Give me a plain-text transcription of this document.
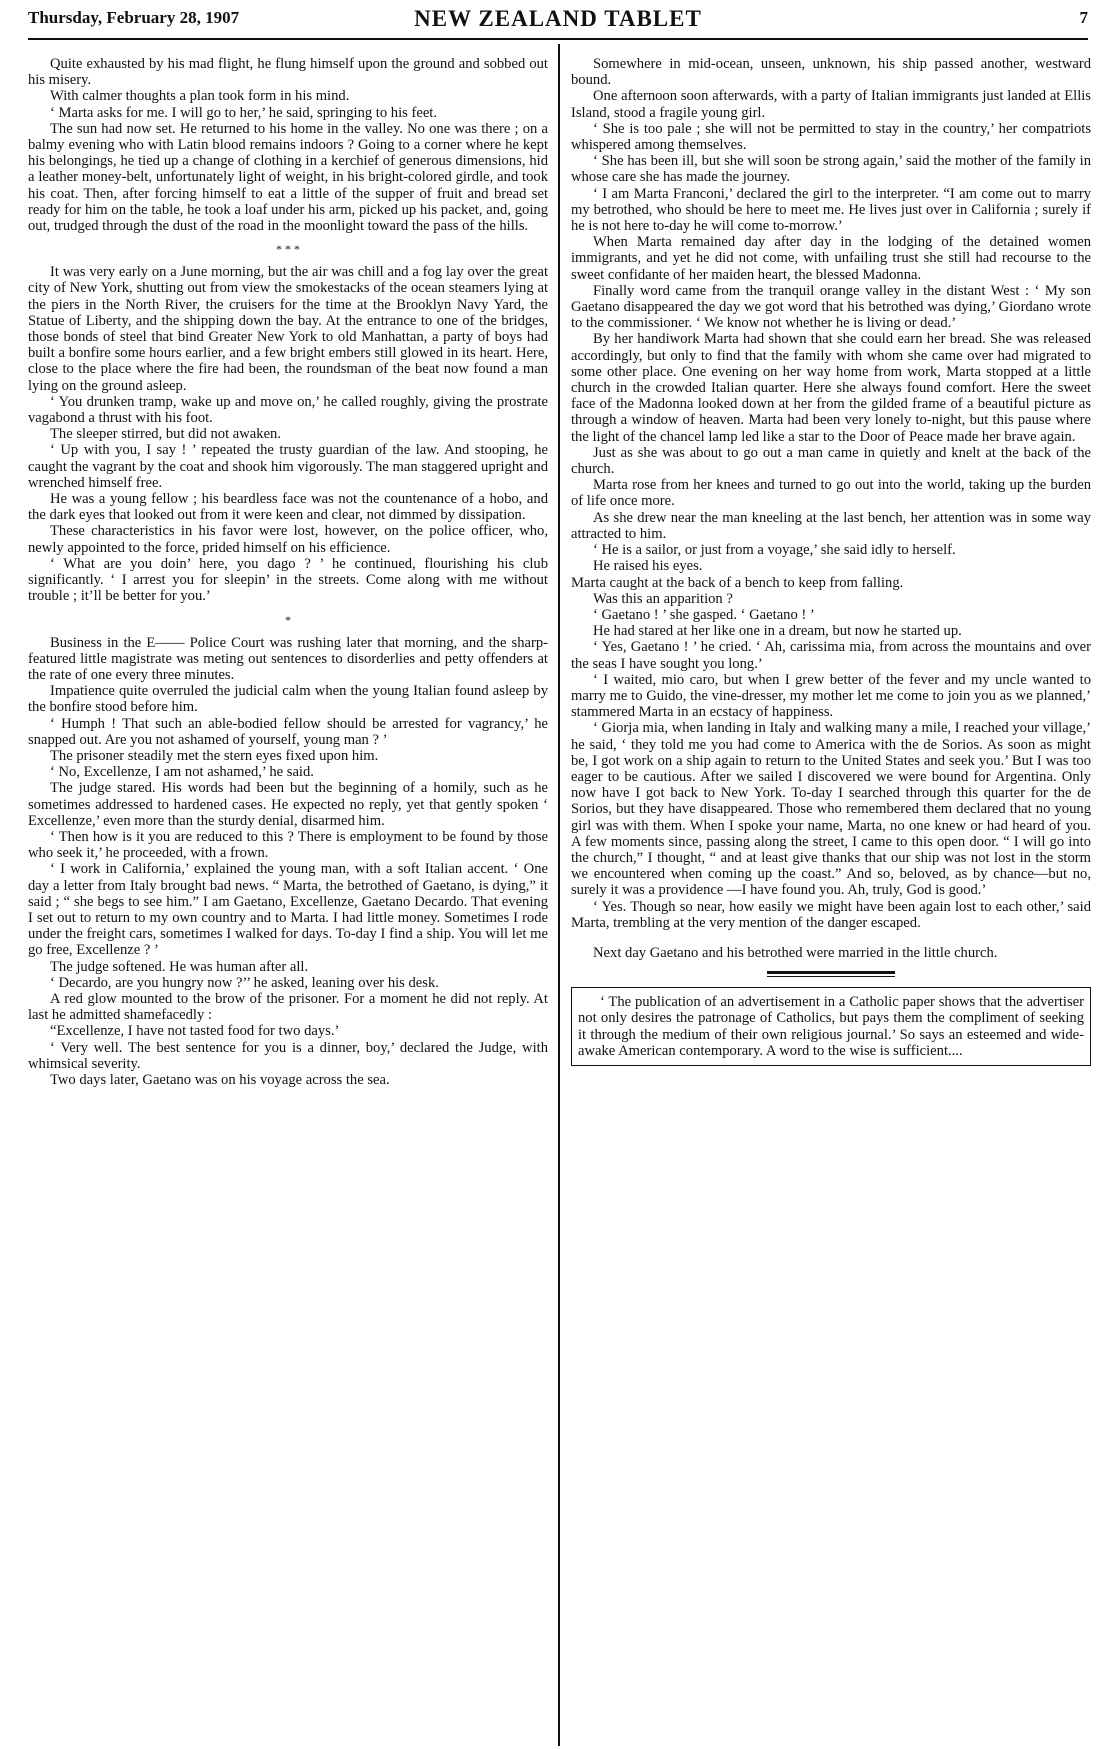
Thursday, February 28, 1907	NEW ZEALAND TABLET	7

Quite exhausted by his mad flight, he flung himself upon the ground and sobbed out his misery.

With calmer thoughts a plan took form in his mind.

‘ Marta asks for me. I will go to her,’ he said, springing to his feet.

The sun had now set. He returned to his home in the valley. No one was there ; on a balmy evening who with Latin blood remains indoors ? Going to a corner where he kept his belongings, he tied up a change of clothing in a kerchief of generous dimensions, hid a leather money-belt, unfortunately light of weight, in his bright-colored girdle, and took his coat. Then, after forcing himself to eat a little of the supper of fruit and bread set ready for him on the table, he took a loaf under his arm, picked up his packet, and, going out, trudged through the dust of the road in the moonlight toward the pass of the hills.

* * *

It was very early on a June morning, but the air was chill and a fog lay over the great city of New York, shutting out from view the smokestacks of the ocean steamers lying at the piers in the North River, the cruisers for the time at the Brooklyn Navy Yard, the Statue of Liberty, and the shipping down the bay. At the entrance to one of the bridges, those bonds of steel that bind Greater New York to old Manhattan, a party of boys had built a bonfire some hours earlier, and a few bright embers still glowed in its heart. Here, close to the place where the fire had been, the roundsman of the beat now found a man lying on the ground asleep.

‘ You drunken tramp, wake up and move on,’ he called roughly, giving the prostrate vagabond a thrust with his foot.

The sleeper stirred, but did not awaken.

‘ Up with you, I say ! ’ repeated the trusty guardian of the law. And stooping, he caught the vagrant by the coat and shook him vigorously. The man staggered upright and wrenched himself free.

He was a young fellow ; his beardless face was not the countenance of a hobo, and the dark eyes that looked out from it were keen and clear, not dimmed by dissipation.

These characteristics in his favor were lost, however, on the police officer, who, newly appointed to the force, prided himself on his efficience.

‘ What are you doin’ here, you dago ? ’ he continued, flourishing his club significantly. ‘ I arrest you for sleepin’ in the streets. Come along with me without trouble ; it’ll be better for you.’

*

Business in the E—— Police Court was rushing later that morning, and the sharp-featured little magistrate was meting out sentences to disorderlies and petty offenders at the rate of one every three minutes.

Impatience quite overruled the judicial calm when the young Italian found asleep by the bonfire stood before him.

‘ Humph ! That such an able-bodied fellow should be arrested for vagrancy,’ he snapped out. Are you not ashamed of yourself, young man ? ’

The prisoner steadily met the stern eyes fixed upon him.

‘ No, Excellenze, I am not ashamed,’ he said.

The judge stared. His words had been but the beginning of a homily, such as he sometimes addressed to hardened cases. He expected no reply, yet that gently spoken ‘ Excellenze,’ even more than the sturdy denial, disarmed him.

‘ Then how is it you are reduced to this ? There is employment to be found by those who seek it,’ he proceeded, with a frown.

‘ I work in California,’ explained the young man, with a soft Italian accent. ‘ One day a letter from Italy brought bad news. “ Marta, the betrothed of Gaetano, is dying,” it said ; “ she begs to see him.” I am Gaetano, Excellenze, Gaetano Decardo. That evening I set out to return to my own country and to Marta. I had little money. Sometimes I rode under the freight cars, sometimes I walked for days. To-day I find a ship. You will let me go free, Excellenze ? ’

The judge softened. He was human after all.

‘ Decardo, are you hungry now ?’’ he asked, leaning over his desk.

A red glow mounted to the brow of the prisoner. For a moment he did not reply. At last he admitted shamefacedly :

“Excellenze, I have not tasted food for two days.’

‘ Very well. The best sentence for you is a dinner, boy,’ declared the Judge, with whimsical severity.

Two days later, Gaetano was on his voyage across the sea.

Somewhere in mid-ocean, unseen, unknown, his ship passed another, westward bound.

One afternoon soon afterwards, with a party of Italian immigrants just landed at Ellis Island, stood a fragile young girl.

‘ She is too pale ; she will not be permitted to stay in the country,’ her compatriots whispered among themselves.

‘ She has been ill, but she will soon be strong again,’ said the mother of the family in whose care she has made the journey.

‘ I am Marta Franconi,’ declared the girl to the interpreter. “I am come out to marry my betrothed, who should be here to meet me. He lives just over in California ; surely if he is not here to-day he will come to-morrow.’

When Marta remained day after day in the lodging of the detained women immigrants, and yet he did not come, with unfailing trust she still had recourse to the sweet confidante of her maiden heart, the blessed Madonna.

Finally word came from the tranquil orange valley in the distant West : ‘ My son Gaetano disappeared the day we got word that his betrothed was dying,’ Giordano wrote to the commissioner. ‘ We know not whether he is living or dead.’

By her handiwork Marta had shown that she could earn her bread. She was released accordingly, but only to find that the family with whom she came over had migrated to some other place. One evening on her way home from work, Marta stopped at a little church in the crowded Italian quarter. Here she always found comfort. Here the sweet face of the Madonna looked down at her from the gilded frame of a beautiful picture as through a window of heaven. Marta had been very lonely to-night, but this pause where the light of the chancel lamp led like a star to the Door of Peace made her brave again.

Just as she was about to go out a man came in quietly and knelt at the back of the church.

Marta rose from her knees and turned to go out into the world, taking up the burden of life once more.

As she drew near the man kneeling at the last bench, her attention was in some way attracted to him.

‘ He is a sailor, or just from a voyage,’ she said idly to herself.

He raised his eyes.

Marta caught at the back of a bench to keep from falling.

Was this an apparition ?

‘ Gaetano ! ’ she gasped. ‘ Gaetano ! ’

He had stared at her like one in a dream, but now he started up.

‘ Yes, Gaetano ! ’ he cried. ‘ Ah, carissima mia, from across the mountains and over the seas I have sought you long.’

‘ I waited, mio caro, but when I grew better of the fever and my uncle wanted to marry me to Guido, the vine-dresser, my mother let me come to join you as we planned,’ stammered Marta in an ecstacy of happiness.

‘ Giorja mia, when landing in Italy and walking many a mile, I reached your village,’ he said, ‘ they told me you had come to America with the de Sorios. As soon as might be, I got work on a ship again to return to the United States and seek you.’ But I was too eager to be cautious. After we sailed I discovered we were bound for Argentina. Only now have I got back to New York. To-day I searched through this quarter for the de Sorios, but they have disappeared. Those who remembered them declared that no young girl was with them. When I spoke your name, Marta, no one knew or had heard of you. A few moments since, passing along the street, I came to this open door. “ I will go into the church,” I thought, “ and at least give thanks that our ship was not lost in the storm we encountered when coming up the coast.” And so, beloved, as by chance—but no, surely it was a providence —I have found you. Ah, truly, God is good.’

‘ Yes. Though so near, how easily we might have been again lost to each other,’ said Marta, trembling at the very mention of the danger escaped.

Next day Gaetano and his betrothed were married in the little church.

‘ The publication of an advertisement in a Catholic paper shows that the advertiser not only desires the patronage of Catholics, but pays them the compliment of seeking it through the medium of their own religious journal.’ So says an esteemed and wide-awake American contemporary. A word to the wise is sufficient....
